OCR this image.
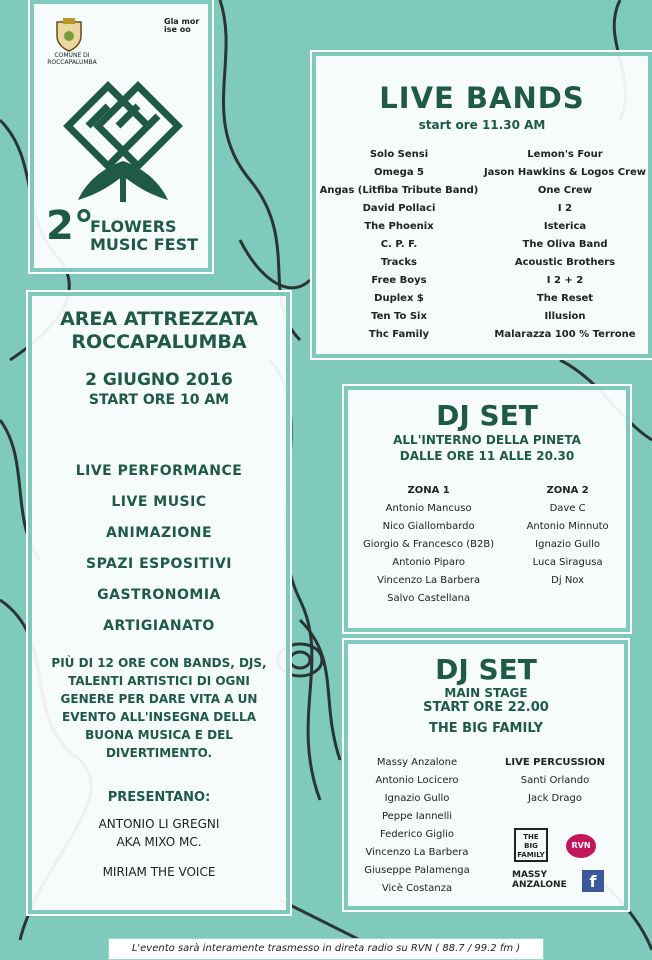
COMUNE DI ROCCAPALUMBA
Gla mor ise oo
2°
FLOWERS
MUSIC FEST
LIVE BANDS
start ore 11.30 AM
Solo Sensi
Omega 5
Angas (Litfiba Tribute Band)
David Pollaci
The Phoenix
C. P. F.
Tracks
Free Boys
Duplex $
Ten To Six
Thc Family
Lemon's Four
Jason Hawkins & Logos Crew
One Crew
I 2
Isterica
The Oliva Band
Acoustic Brothers
I 2 + 2
The Reset
Illusion
Malarazza 100 % Terrone
AREA ATTREZZATA
ROCCAPALUMBA
2 GIUGNO 2016
START ORE 10 AM
LIVE PERFORMANCE
LIVE MUSIC
ANIMAZIONE
SPAZI ESPOSITIVI
GASTRONOMIA
ARTIGIANATO
PIÙ DI 12 ORE CON BANDS, DJS, TALENTI ARTISTICI DI OGNI GENERE PER DARE VITA A UN EVENTO ALL'INSEGNA DELLA BUONA MUSICA E DEL DIVERTIMENTO.
PRESENTANO:
ANTONIO LI GREGNI
AKA MIXO MC.
MIRIAM THE VOICE
DJ SET
ALL'INTERNO DELLA PINETA
DALLE ORE 11 ALLE 20.30
ZONA 1
Antonio Mancuso
Nico Giallombardo
Giorgio & Francesco (B2B)
Antonio Piparo
Vincenzo La Barbera
Salvo Castellana
ZONA 2
Dave C
Antonio Minnuto
Ignazio Gullo
Luca Siragusa
Dj Nox
DJ SET
MAIN STAGE
START ORE 22.00
THE BIG FAMILY
Massy Anzalone
Antonio Locicero
Ignazio Gullo
Peppe Iannelli
Federico Giglio
Vincenzo La Barbera
Giuseppe Palamenga
Vicè Costanza
LIVE PERCUSSION
Santi Orlando
Jack Drago
THE BIG FAMILY
RVN
MASSY ANZALONE	f
L'evento sarà interamente trasmesso in direta radio su RVN ( 88.7 / 99.2 fm )
